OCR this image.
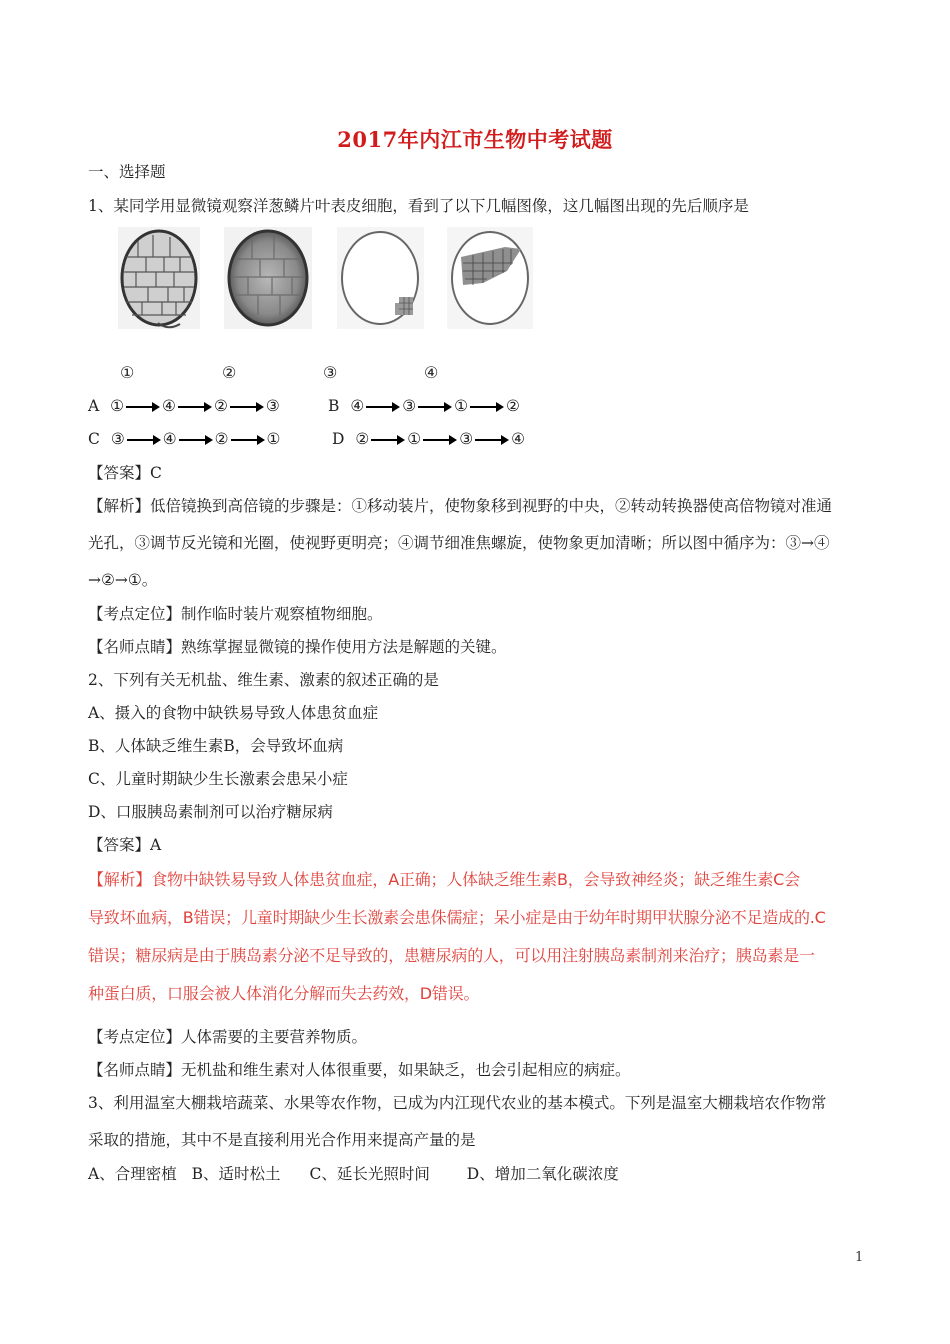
2017年内江市生物中考试题
一、选择题
1、某同学用显微镜观察洋葱鳞片叶表皮细胞，看到了以下几幅图像，这几幅图出现的先后顺序是
①	②	③	④
A ① ④ ② ③	B ④ ③ ① ②
C ③ ④ ② ①	D ② ① ③ ④
【答案】C
【解析】低倍镜换到高倍镜的步骤是：①移动装片，使物象移到视野的中央，②转动转换器使高倍物镜对准通
光孔，③调节反光镜和光圈，使视野更明亮；④调节细准焦螺旋，使物象更加清晰；所以图中循序为：③→④
→②→①。
【考点定位】制作临时装片观察植物细胞。
【名师点睛】熟练掌握显微镜的操作使用方法是解题的关键。
2、下列有关无机盐、维生素、激素的叙述正确的是
A、摄入的食物中缺铁易导致人体患贫血症
B、人体缺乏维生素B，会导致坏血病
C、儿童时期缺少生长激素会患呆小症
D、口服胰岛素制剂可以治疗糖尿病
【答案】A
【解析】食物中缺铁易导致人体患贫血症，A正确；人体缺乏维生素B，会导致神经炎；缺乏维生素C会
导致坏血病，B错误；儿童时期缺少生长激素会患侏儒症；呆小症是由于幼年时期甲状腺分泌不足造成的.C
错误；糖尿病是由于胰岛素分泌不足导致的，患糖尿病的人，可以用注射胰岛素制剂来治疗；胰岛素是一
种蛋白质，口服会被人体消化分解而失去药效，D错误。
【考点定位】人体需要的主要营养物质。
【名师点睛】无机盐和维生素对人体很重要，如果缺乏，也会引起相应的病症。
3、利用温室大棚栽培蔬菜、水果等农作物，已成为内江现代农业的基本模式。下列是温室大棚栽培农作物常
采取的措施，其中不是直接利用光合作用来提高产量的是
A、合理密植 B、适时松土 C、延长光照时间 D、增加二氧化碳浓度
1
